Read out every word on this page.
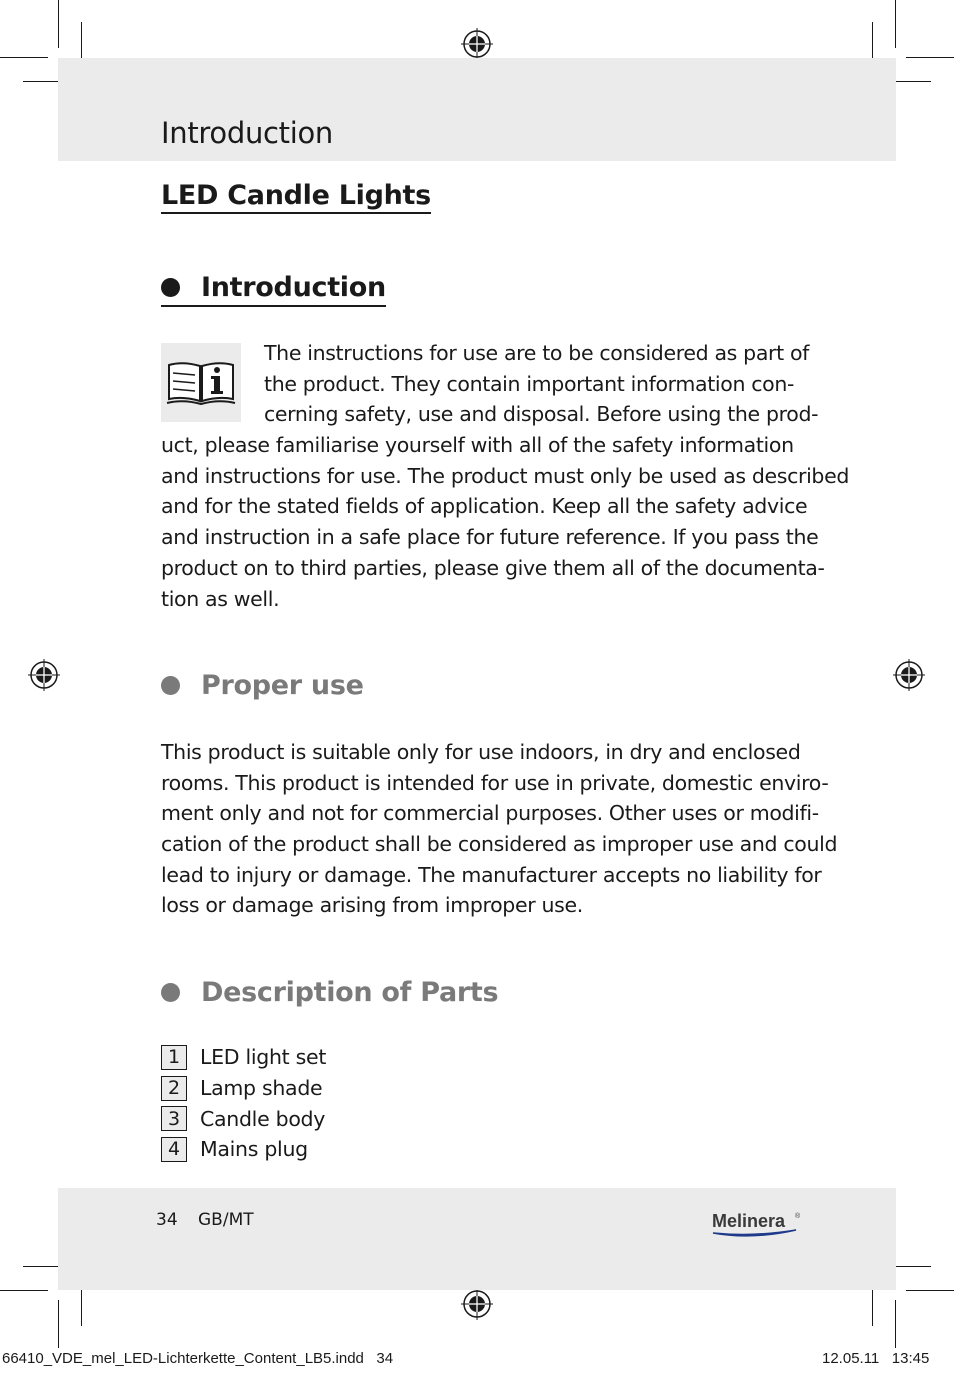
Introduction
LED Candle Lights
Introduction
The instructions for use are to be considered as part of
the product. They contain important information con-
cerning safety, use and disposal. Before using the prod-
uct, please familiarise yourself with all of the safety information
and instructions for use. The product must only be used as described
and for the stated fields of application. Keep all the safety advice
and instruction in a safe place for future reference. If you pass the
product on to third parties, please give them all of the documenta-
tion as well.
Proper use
This product is suitable only for use indoors, in dry and enclosed
rooms. This product is intended for use in private, domestic enviro-
ment only and not for commercial purposes. Other uses or modifi-
cation of the product shall be considered as improper use and could
lead to injury or damage. The manufacturer accepts no liability for
loss or damage arising from improper use.
Description of Parts
1 LED light set
2 Lamp shade
3 Candle body
4 Mains plug
34 GB/MT	Melinera ®
66410_VDE_mel_LED-Lichterkette_Content_LB5.indd   34	12.05.11   13:45
